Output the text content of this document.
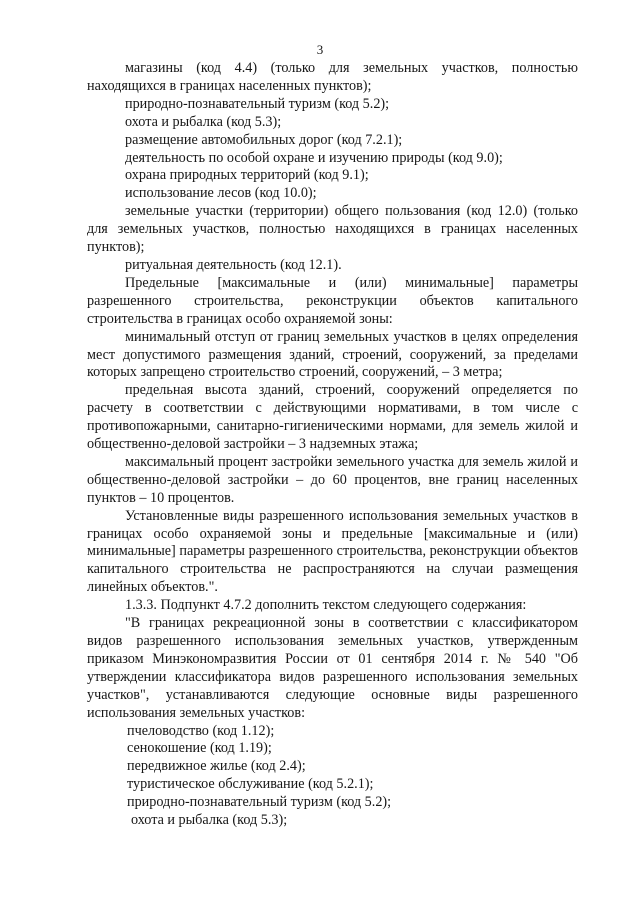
3

магазины (код 4.4) (только для земельных участков, полностью находящихся в границах населенных пунктов);

природно-познавательный туризм (код 5.2);

охота и рыбалка (код 5.3);

размещение автомобильных дорог (код 7.2.1);

деятельность по особой охране и изучению природы (код 9.0);

охрана природных территорий (код 9.1);

использование лесов (код 10.0);

земельные участки (территории) общего пользования (код 12.0) (только для земельных участков, полностью находящихся в границах населенных пунктов);

ритуальная деятельность (код 12.1).

Предельные [максимальные и (или) минимальные] параметры разрешенного строительства, реконструкции объектов капитального строительства в границах особо охраняемой зоны:

минимальный отступ от границ земельных участков в целях определения мест допустимого размещения зданий, строений, сооружений, за пределами которых запрещено строительство строений, сооружений, – 3 метра;

предельная высота зданий, строений, сооружений определяется по расчету в соответствии с действующими нормативами, в том числе с противопожарными, санитарно-гигиеническими нормами, для земель жилой и общественно-деловой застройки – 3 надземных этажа;

максимальный процент застройки земельного участка для земель жилой и общественно-деловой застройки – до 60 процентов, вне границ населенных пунктов – 10 процентов.

Установленные виды разрешенного использования земельных участков в границах особо охраняемой зоны и предельные [максимальные и (или) минимальные] параметры разрешенного строительства, реконструкции объектов капитального строительства не распространяются на случаи размещения линейных объектов.".

1.3.3. Подпункт 4.7.2 дополнить текстом следующего содержания:

"В границах рекреационной зоны в соответствии с классификатором видов разрешенного использования земельных участков, утвержденным приказом Минэкономразвития России от 01 сентября 2014 г. № 540 "Об утверждении классификатора видов разрешенного использования земельных участков", устанавливаются следующие основные виды разрешенного использования земельных участков:

пчеловодство (код 1.12);

сенокошение (код 1.19);

передвижное жилье (код 2.4);

туристическое обслуживание (код 5.2.1);

природно-познавательный туризм (код 5.2);

охота и рыбалка (код 5.3);
